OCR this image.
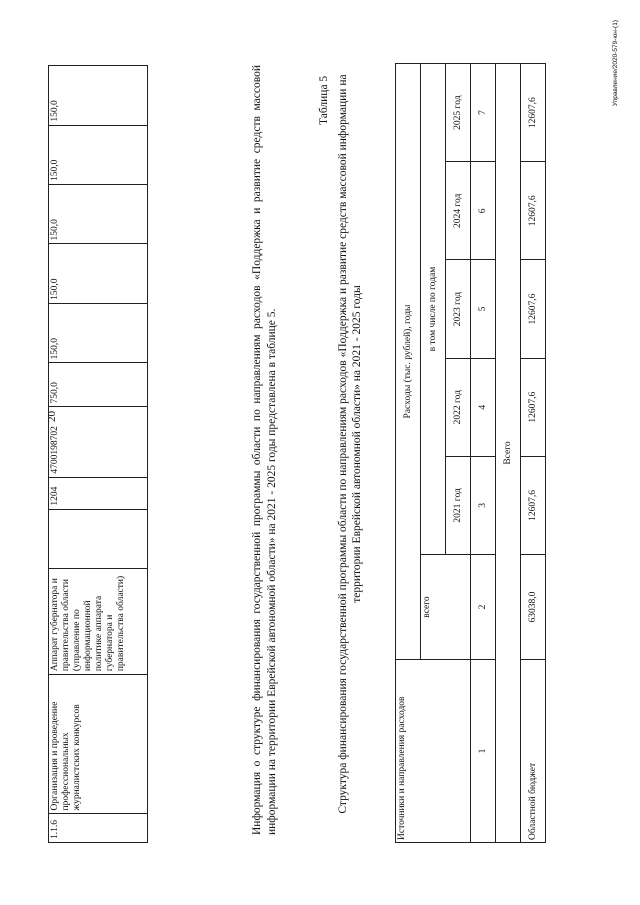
20
1.1.6	Организация и проведение профессиональных журналистских конкурсов	Аппарат губернатора и правительства области (управление по информационной политике аппарата губернатора и правительства области)		1204	4700198702	750,0	150,0	150,0	150,0	150,0	150,0	Информация о структуре финансирования государственной программы области по направлениям расходов «Поддержка и развитие средств массовой информации на территории Еврейской автономной области» на 2021 - 2025 годы представлена в таблице 5.
Таблица 5 Структура финансирования государственной программы области по направлениям расходов «Поддержка и развитие средств массовой информации на территории Еврейской автономной области» на 2021 - 2025 годы
Источники и направления расходов	Расходы (тыс. рублей), годы					
	всего	в том числе по годам				
		2021 год	2022 год	2023 год	2024 год	2025 год
1	2	3	4	5	6	7
Всего						
Областной бюджет	63038,0	12607,6	12607,6	12607,6	12607,6	12607,6
Управление/2020-579-юн-(1)
